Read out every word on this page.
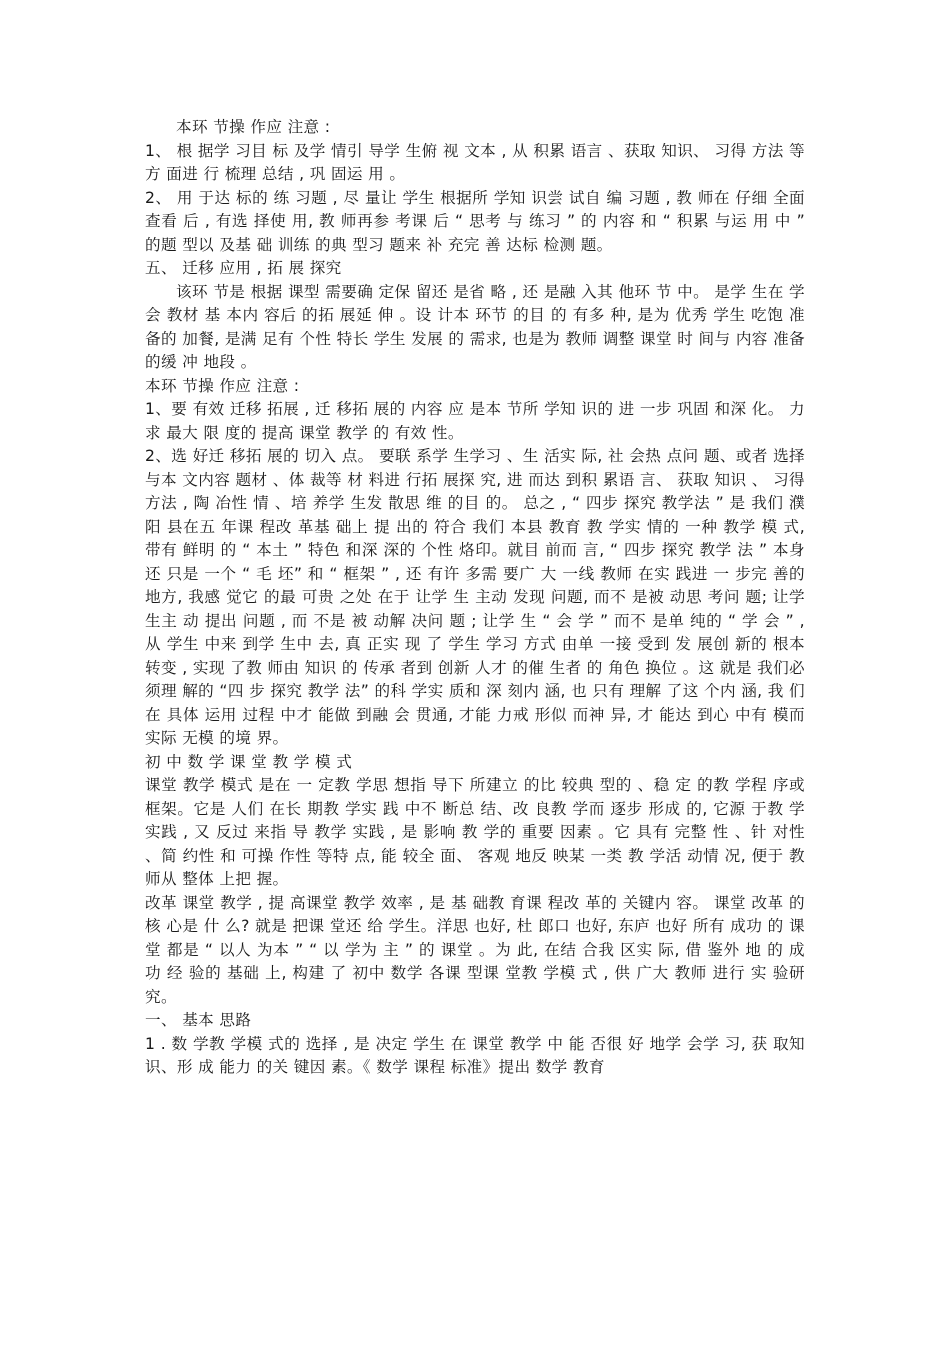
本环 节操 作应 注意 :

1、 根 据学 习目 标 及学 情引 导学 生俯 视 文本 , 从 积累 语言 、获取 知识、 习得 方法 等方 面进 行 梳理 总结 , 巩 固运 用 。

2、 用 于达 标的 练 习题 , 尽 量让 学生 根据所 学知 识尝 试自 编 习题 , 教 师在 仔细 全面 查看 后 , 有选 择使 用, 教 师再参 考课 后 “ 思考 与 练习 ” 的 内容 和 “ 积累 与运 用 中 ” 的题 型以 及基 础 训练 的典 型习 题来 补 充完 善 达标 检测 题。

五、 迁移 应用 , 拓 展 探究

该环 节是 根据 课型 需要确 定保 留还 是省 略 , 还 是融 入其 他环 节 中。 是学 生在 学会 教材 基 本内 容后 的拓 展延 伸 。设 计本 环节 的目 的 有多 种, 是为 优秀 学生 吃饱 准 备的 加餐, 是满 足有 个性 特长 学生 发展 的 需求, 也是为 教师 调整 课堂 时 间与 内容 准备 的缓 冲 地段 。

本环 节操 作应 注意 :

1、要 有效 迁移 拓展 , 迁 移拓 展的 内容 应 是本 节所 学知 识的 进 一步 巩固 和深 化。 力求 最大 限 度的 提高 课堂 教学 的 有效 性。

2、选 好迁 移拓 展的 切入 点。 要联 系学 生学习 、生 活实 际, 社 会热 点问 题、或者 选择 与本 文内容 题材 、体 裁等 材 料进 行拓 展探 究, 进 而达 到积 累语 言、 获取 知识 、 习得 方法 , 陶 冶性 情 、培 养学 生发 散思 维 的目 的。 总之 , “ 四步 探究 教学法 ” 是 我们 濮阳 县在五 年课 程改 革基 础上 提 出的 符合 我们 本县 教育 教 学实 情的 一种 教学 模 式, 带有 鲜明 的 “ 本土 ” 特色 和深 深的 个性 烙印。就目 前而 言, “ 四步 探究 教学 法 ” 本身 还 只是 一个 “ 毛 坯” 和 “ 框架 ” , 还 有许 多需 要广 大 一线 教师 在实 践进 一 步完 善的 地方, 我感 觉它 的最 可贵 之处 在于 让学 生 主动 发现 问题, 而不 是被 动思 考问 题; 让学 生主 动 提出 问题 , 而 不是 被 动解 决问 题 ; 让学 生 “ 会 学 ” 而不 是单 纯的 “ 学 会 ” , 从 学生 中来 到学 生中 去, 真 正实 现 了 学生 学习 方式 由单 一接 受到 发 展创 新的 根本 转变 , 实现 了教 师由 知识 的 传承 者到 创新 人才 的催 生者 的 角色 换位 。这 就是 我们必 须理 解的 “四 步 探究 教学 法” 的科 学实 质和 深 刻内 涵, 也 只有 理解 了这 个内 涵, 我 们在 具体 运用 过程 中才 能做 到融 会 贯通, 才能 力戒 形似 而神 异, 才 能达 到心 中有 模而 实际 无模 的境 界。

初 中 数 学 课 堂 教 学 模 式

课堂 教学 模式 是在 一 定教 学思 想指 导下 所建立 的比 较典 型的 、稳 定 的教 学程 序或 框架。它是 人们 在长 期教 学实 践 中不 断总 结、改 良教 学而 逐步 形成 的, 它源 于教 学 实践 , 又 反过 来指 导 教学 实践 , 是 影响 教 学的 重要 因素 。它 具有 完整 性 、针 对性 、简 约性 和 可操 作性 等特 点, 能 较全 面、 客观 地反 映某 一类 教 学活 动情 况, 便于 教 师从 整体 上把 握。

改革 课堂 教学 , 提 高课堂 教学 效率 , 是 基 础教 育课 程改 革的 关键内 容。 课堂 改革 的核 心是 什 么? 就是 把课 堂还 给 学生。洋思 也好, 杜 郎口 也好, 东庐 也好 所有 成功 的 课堂 都是 “ 以人 为本 ” “ 以 学为 主 ” 的 课堂 。为 此, 在结 合我 区实 际, 借 鉴外 地 的 成功 经 验的 基础 上, 构建 了 初中 数学 各课 型课 堂教 学模 式 , 供 广大 教师 进行 实 验研 究。

一、 基本 思路

1 . 数 学教 学模 式的 选择 , 是 决定 学生 在 课堂 教学 中 能 否很 好 地学 会学 习, 获 取知 识、形 成 能力 的关 键因 素。《 数学 课程 标准》提出 数学 教育
